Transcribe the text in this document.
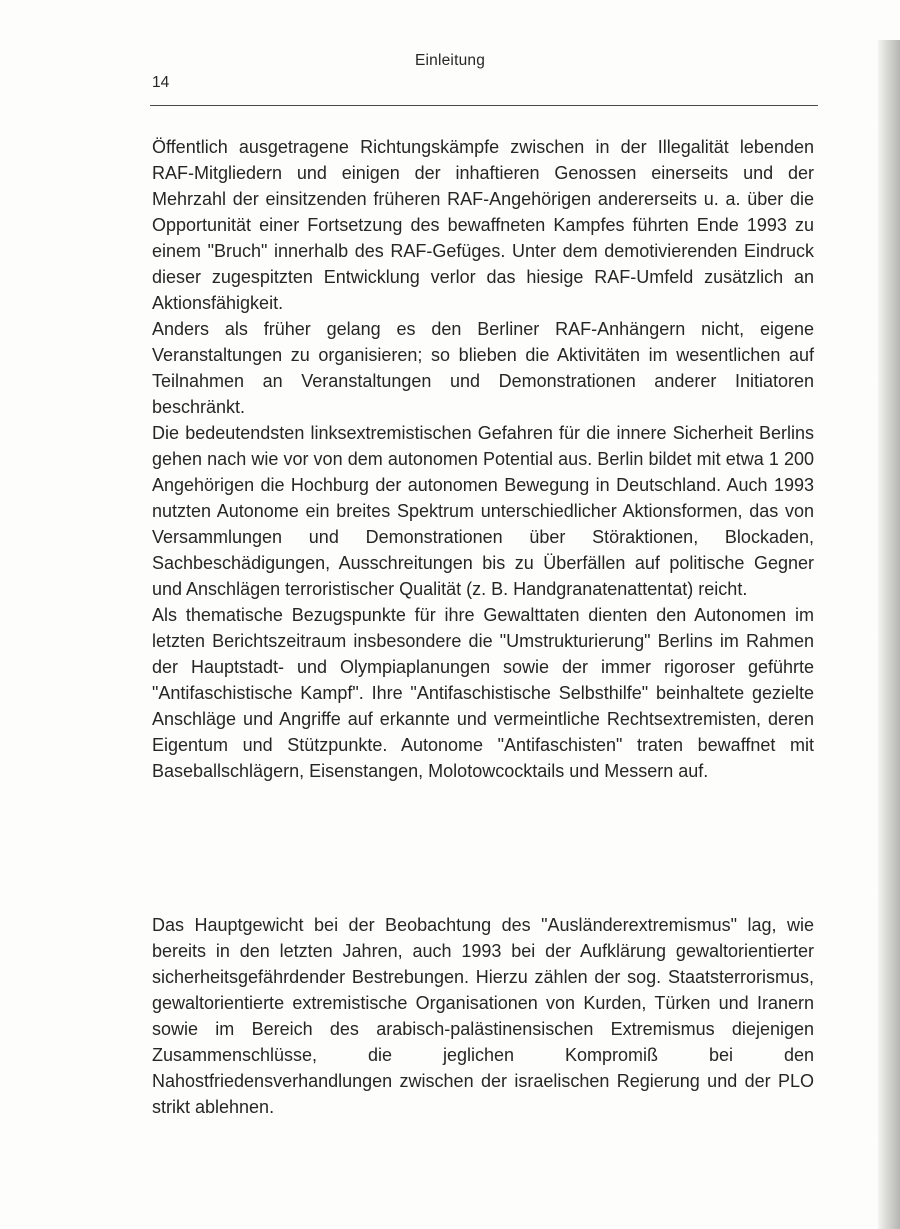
Einleitung
14

Öffentlich ausgetragene Richtungskämpfe zwischen in der Illegalität lebenden RAF-Mitgliedern und einigen der inhaftieren Genossen einerseits und der Mehrzahl der einsitzenden früheren RAF-Angehörigen andererseits u. a. über die Opportunität einer Fortsetzung des bewaffneten Kampfes führten Ende 1993 zu einem "Bruch" innerhalb des RAF-Gefüges. Unter dem demotivierenden Eindruck dieser zugespitzten Entwicklung verlor das hiesige RAF-Umfeld zusätzlich an Aktionsfähigkeit.

Anders als früher gelang es den Berliner RAF-Anhängern nicht, eigene Veranstaltungen zu organisieren; so blieben die Aktivitäten im wesentlichen auf Teilnahmen an Veranstaltungen und Demonstrationen anderer Initiatoren beschränkt.

Die bedeutendsten linksextremistischen Gefahren für die innere Sicherheit Berlins gehen nach wie vor von dem autonomen Potential aus. Berlin bildet mit etwa 1 200 Angehörigen die Hochburg der autonomen Bewegung in Deutschland. Auch 1993 nutzten Autonome ein breites Spektrum unterschiedlicher Aktionsformen, das von Versammlungen und Demonstrationen über Störaktionen, Blockaden, Sachbeschädigungen, Ausschreitungen bis zu Überfällen auf politische Gegner und Anschlägen terroristischer Qualität (z. B. Handgranatenattentat) reicht.

Als thematische Bezugspunkte für ihre Gewalttaten dienten den Autonomen im letzten Berichtszeitraum insbesondere die "Umstrukturierung" Berlins im Rahmen der Hauptstadt- und Olympiaplanungen sowie der immer rigoroser geführte "Antifaschistische Kampf". Ihre "Antifaschistische Selbsthilfe" beinhaltete gezielte Anschläge und Angriffe auf erkannte und vermeintliche Rechtsextremisten, deren Eigentum und Stützpunkte. Autonome "Antifaschisten" traten bewaffnet mit Baseballschlägern, Eisenstangen, Molotowcocktails und Messern auf.

Das Hauptgewicht bei der Beobachtung des "Ausländerextremismus" lag, wie bereits in den letzten Jahren, auch 1993 bei der Aufklärung gewaltorientierter sicherheitsgefährdender Bestrebungen. Hierzu zählen der sog. Staatsterrorismus, gewaltorientierte extremistische Organisationen von Kurden, Türken und Iranern sowie im Bereich des arabisch-palästinensischen Extremismus diejenigen Zusammenschlüsse, die jeglichen Kompromiß bei den Nahostfriedensverhandlungen zwischen der israelischen Regierung und der PLO strikt ablehnen.
